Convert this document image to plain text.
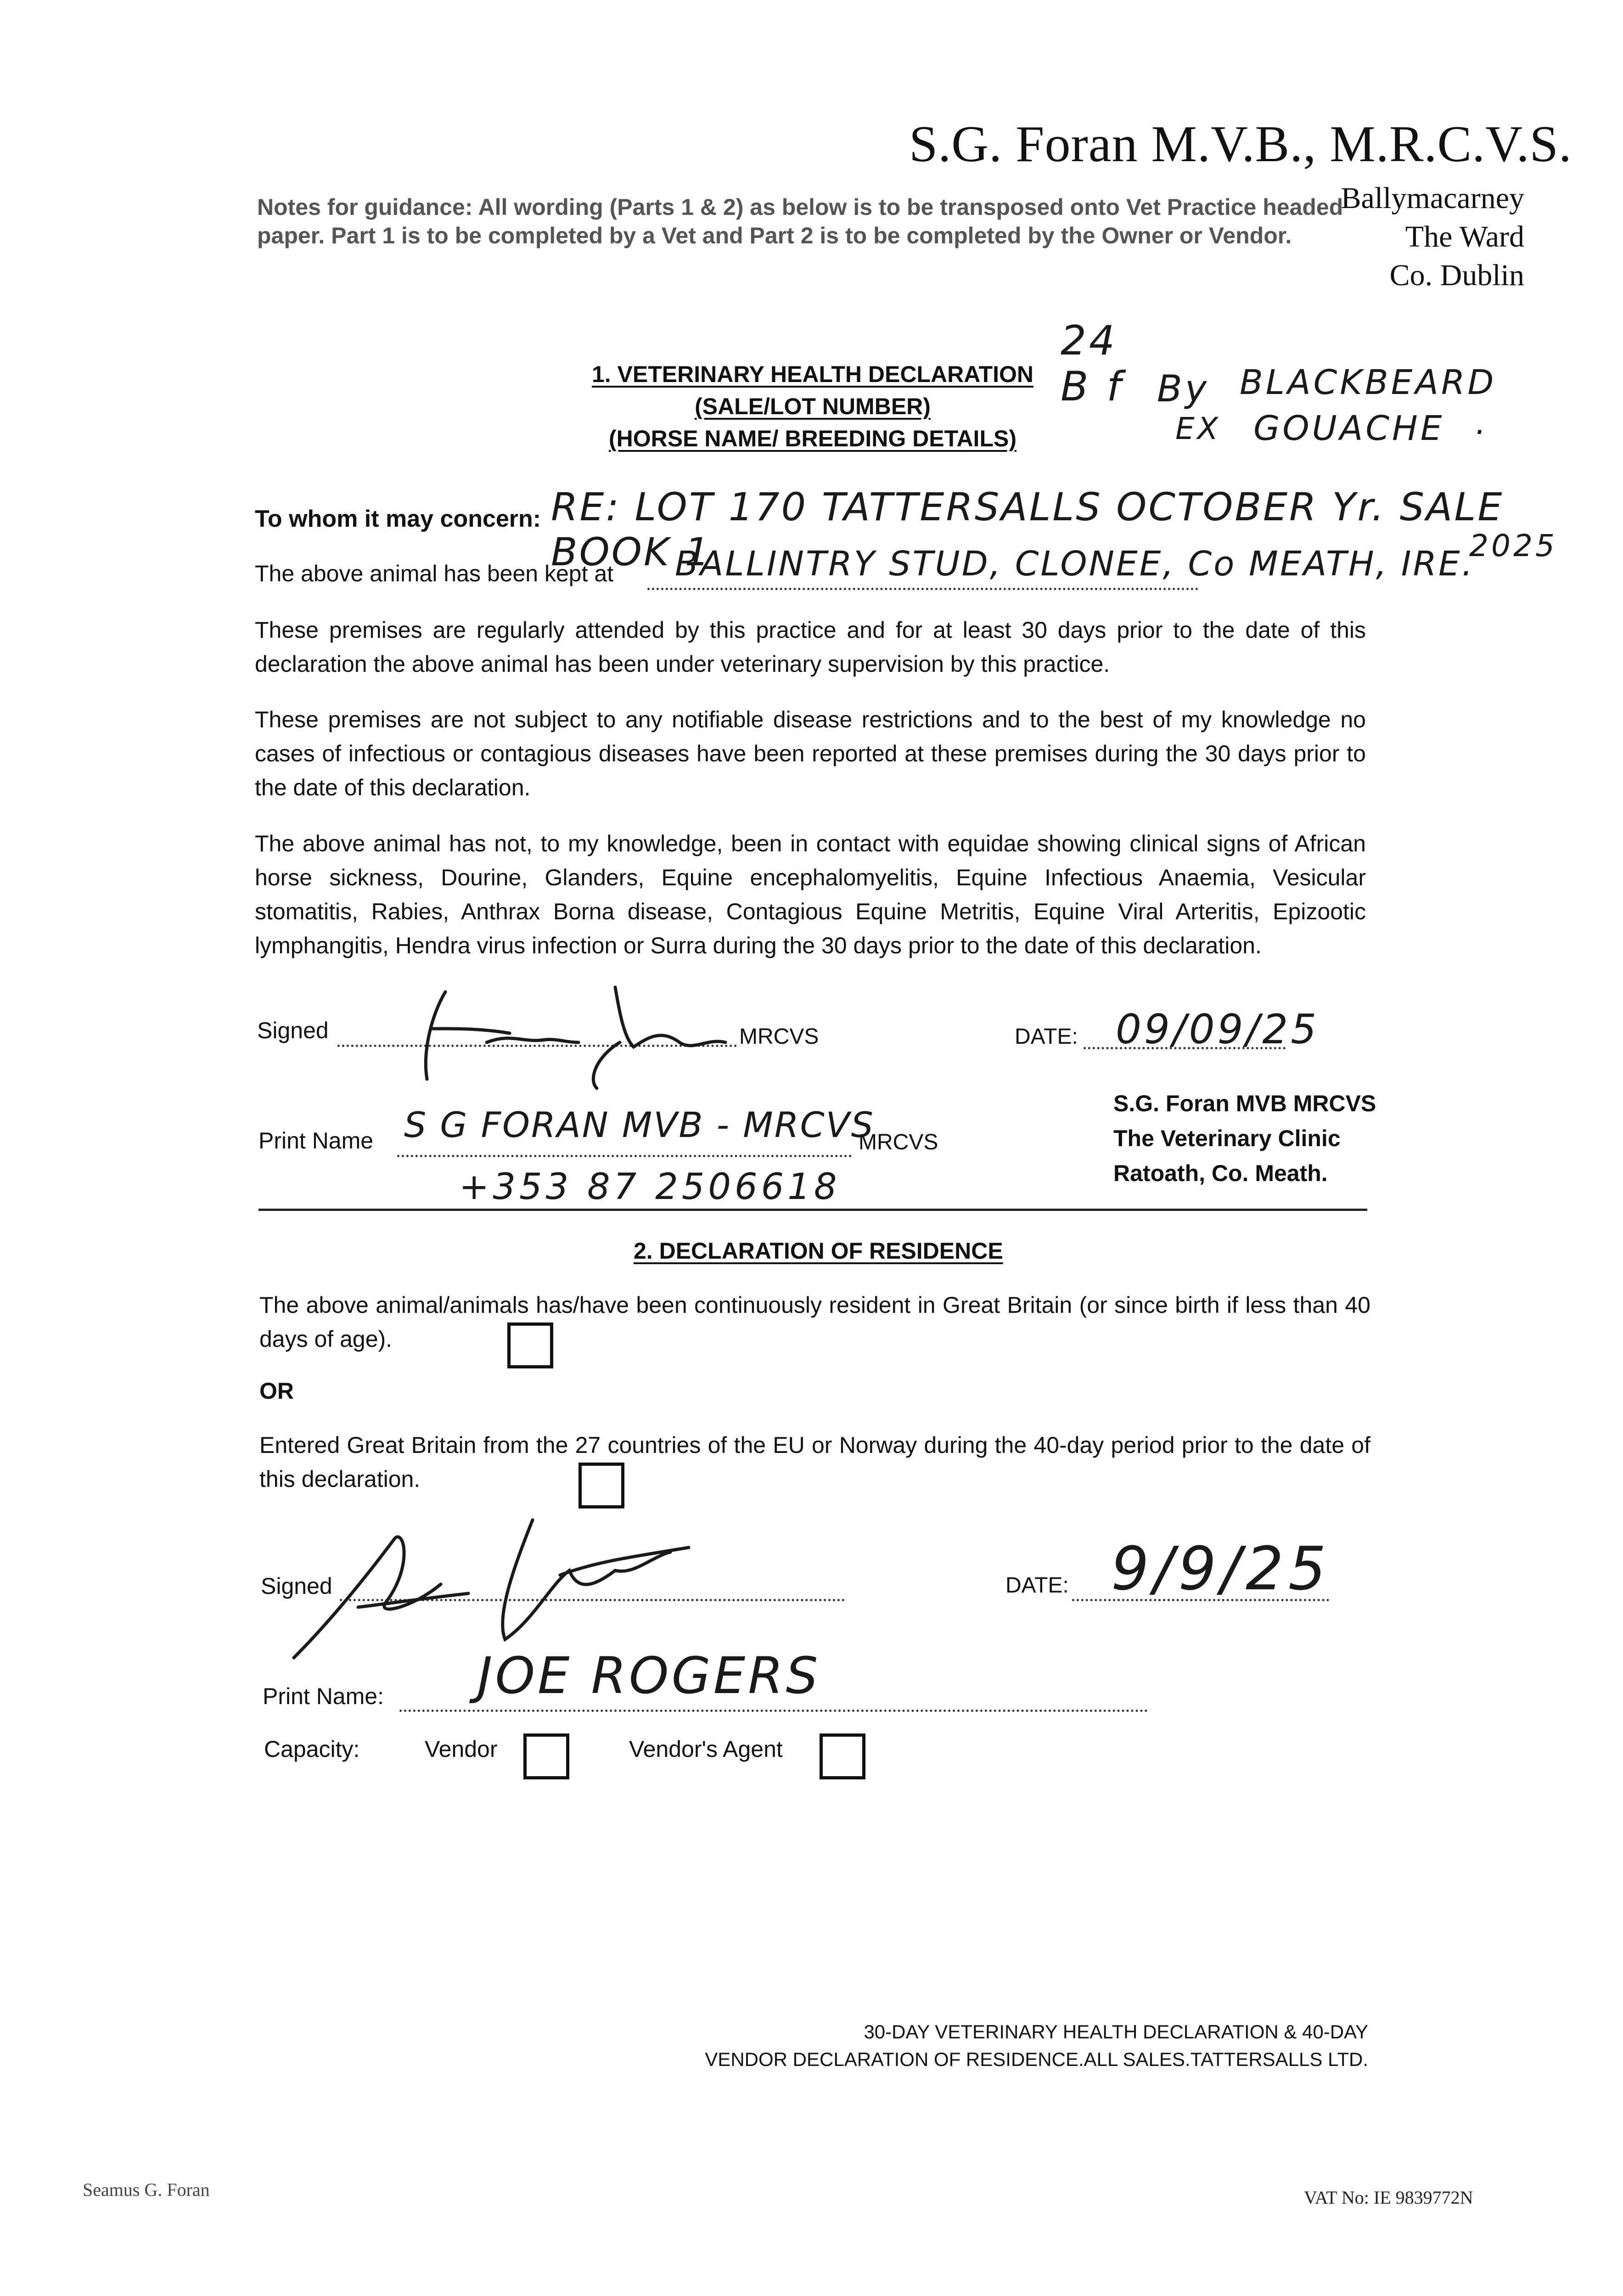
S.G. Foran M.V.B., M.R.C.V.S.
Ballymacarney
The Ward
Co. Dublin
Notes for guidance: All wording (Parts 1 & 2) as below is to be transposed onto Vet Practice headed paper. Part 1 is to be completed by a Vet and Part 2 is to be completed by the Owner or Vendor.
1. VETERINARY HEALTH DECLARATION
(SALE/LOT NUMBER)
(HORSE NAME/ BREEDING DETAILS)
24
B f By BLACKBEARD
EX GOUACHE ·
To whom it may concern: RE: LOT 170 TATTERSALLS OCTOBER Yr. SALE BOOK 1	2025
The above animal has been kept at BALLINTRY STUD, CLONEE, Co MEATH, IRE.
These premises are regularly attended by this practice and for at least 30 days prior to the date of this declaration the above animal has been under veterinary supervision by this practice.
These premises are not subject to any notifiable disease restrictions and to the best of my knowledge no cases of infectious or contagious diseases have been reported at these premises during the 30 days prior to the date of this declaration.
The above animal has not, to my knowledge, been in contact with equidae showing clinical signs of African horse sickness, Dourine, Glanders, Equine encephalomyelitis, Equine Infectious Anaemia, Vesicular stomatitis, Rabies, Anthrax Borna disease, Contagious Equine Metritis, Equine Viral Arteritis, Epizootic lymphangitis, Hendra virus infection or Surra during the 30 days prior to the date of this declaration.
Signed	MRCVS	DATE: 09/09/25
Print Name	MRCVS
S G FORAN MVB - MRCVS
+353 87 2506618
S.G. Foran MVB MRCVS
The Veterinary Clinic
Ratoath, Co. Meath.
2. DECLARATION OF RESIDENCE
The above animal/animals has/have been continuously resident in Great Britain (or since birth if less than 40 days of age).
OR
Entered Great Britain from the 27 countries of the EU or Norway during the 40-day period prior to the date of this declaration.
Signed	DATE: 9/9/25
Print Name: JOE ROGERS
Capacity:	Vendor	Vendor's Agent
30-DAY VETERINARY HEALTH DECLARATION & 40-DAY
VENDOR DECLARATION OF RESIDENCE.ALL SALES.TATTERSALLS LTD.
Seamus G. Foran	VAT No: IE 9839772N
